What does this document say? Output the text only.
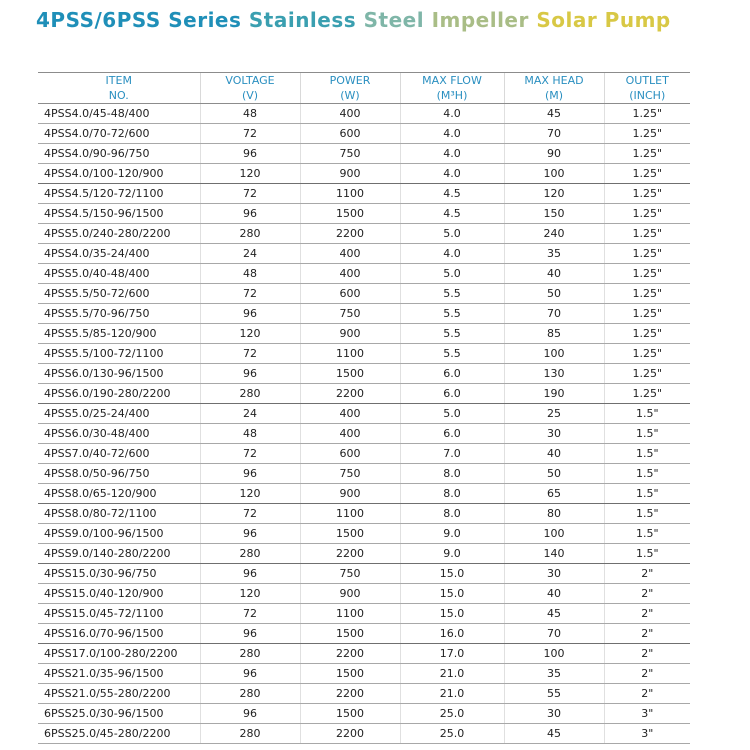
4PSS/6PSS Series Stainless Steel Impeller Solar Pump
ITEM	VOLTAGE	POWER	MAX FLOW	MAX HEAD	OUTLET
NO.	(V)	(W)	(M³H)	(M)	(INCH)
4PSS4.0/45-48/400	48	400	4.0	45	1.25"
4PSS4.0/70-72/600	72	600	4.0	70	1.25"
4PSS4.0/90-96/750	96	750	4.0	90	1.25"
4PSS4.0/100-120/900	120	900	4.0	100	1.25"
4PSS4.5/120-72/1100	72	1100	4.5	120	1.25"
4PSS4.5/150-96/1500	96	1500	4.5	150	1.25"
4PSS5.0/240-280/2200	280	2200	5.0	240	1.25"
4PSS4.0/35-24/400	24	400	4.0	35	1.25"
4PSS5.0/40-48/400	48	400	5.0	40	1.25"
4PSS5.5/50-72/600	72	600	5.5	50	1.25"
4PSS5.5/70-96/750	96	750	5.5	70	1.25"
4PSS5.5/85-120/900	120	900	5.5	85	1.25"
4PSS5.5/100-72/1100	72	1100	5.5	100	1.25"
4PSS6.0/130-96/1500	96	1500	6.0	130	1.25"
4PSS6.0/190-280/2200	280	2200	6.0	190	1.25"
4PSS5.0/25-24/400	24	400	5.0	25	1.5"
4PSS6.0/30-48/400	48	400	6.0	30	1.5"
4PSS7.0/40-72/600	72	600	7.0	40	1.5"
4PSS8.0/50-96/750	96	750	8.0	50	1.5"
4PSS8.0/65-120/900	120	900	8.0	65	1.5"
4PSS8.0/80-72/1100	72	1100	8.0	80	1.5"
4PSS9.0/100-96/1500	96	1500	9.0	100	1.5"
4PSS9.0/140-280/2200	280	2200	9.0	140	1.5"
4PSS15.0/30-96/750	96	750	15.0	30	2"
4PSS15.0/40-120/900	120	900	15.0	40	2"
4PSS15.0/45-72/1100	72	1100	15.0	45	2"
4PSS16.0/70-96/1500	96	1500	16.0	70	2"
4PSS17.0/100-280/2200	280	2200	17.0	100	2"
4PSS21.0/35-96/1500	96	1500	21.0	35	2"
4PSS21.0/55-280/2200	280	2200	21.0	55	2"
6PSS25.0/30-96/1500	96	1500	25.0	30	3"
6PSS25.0/45-280/2200	280	2200	25.0	45	3"
